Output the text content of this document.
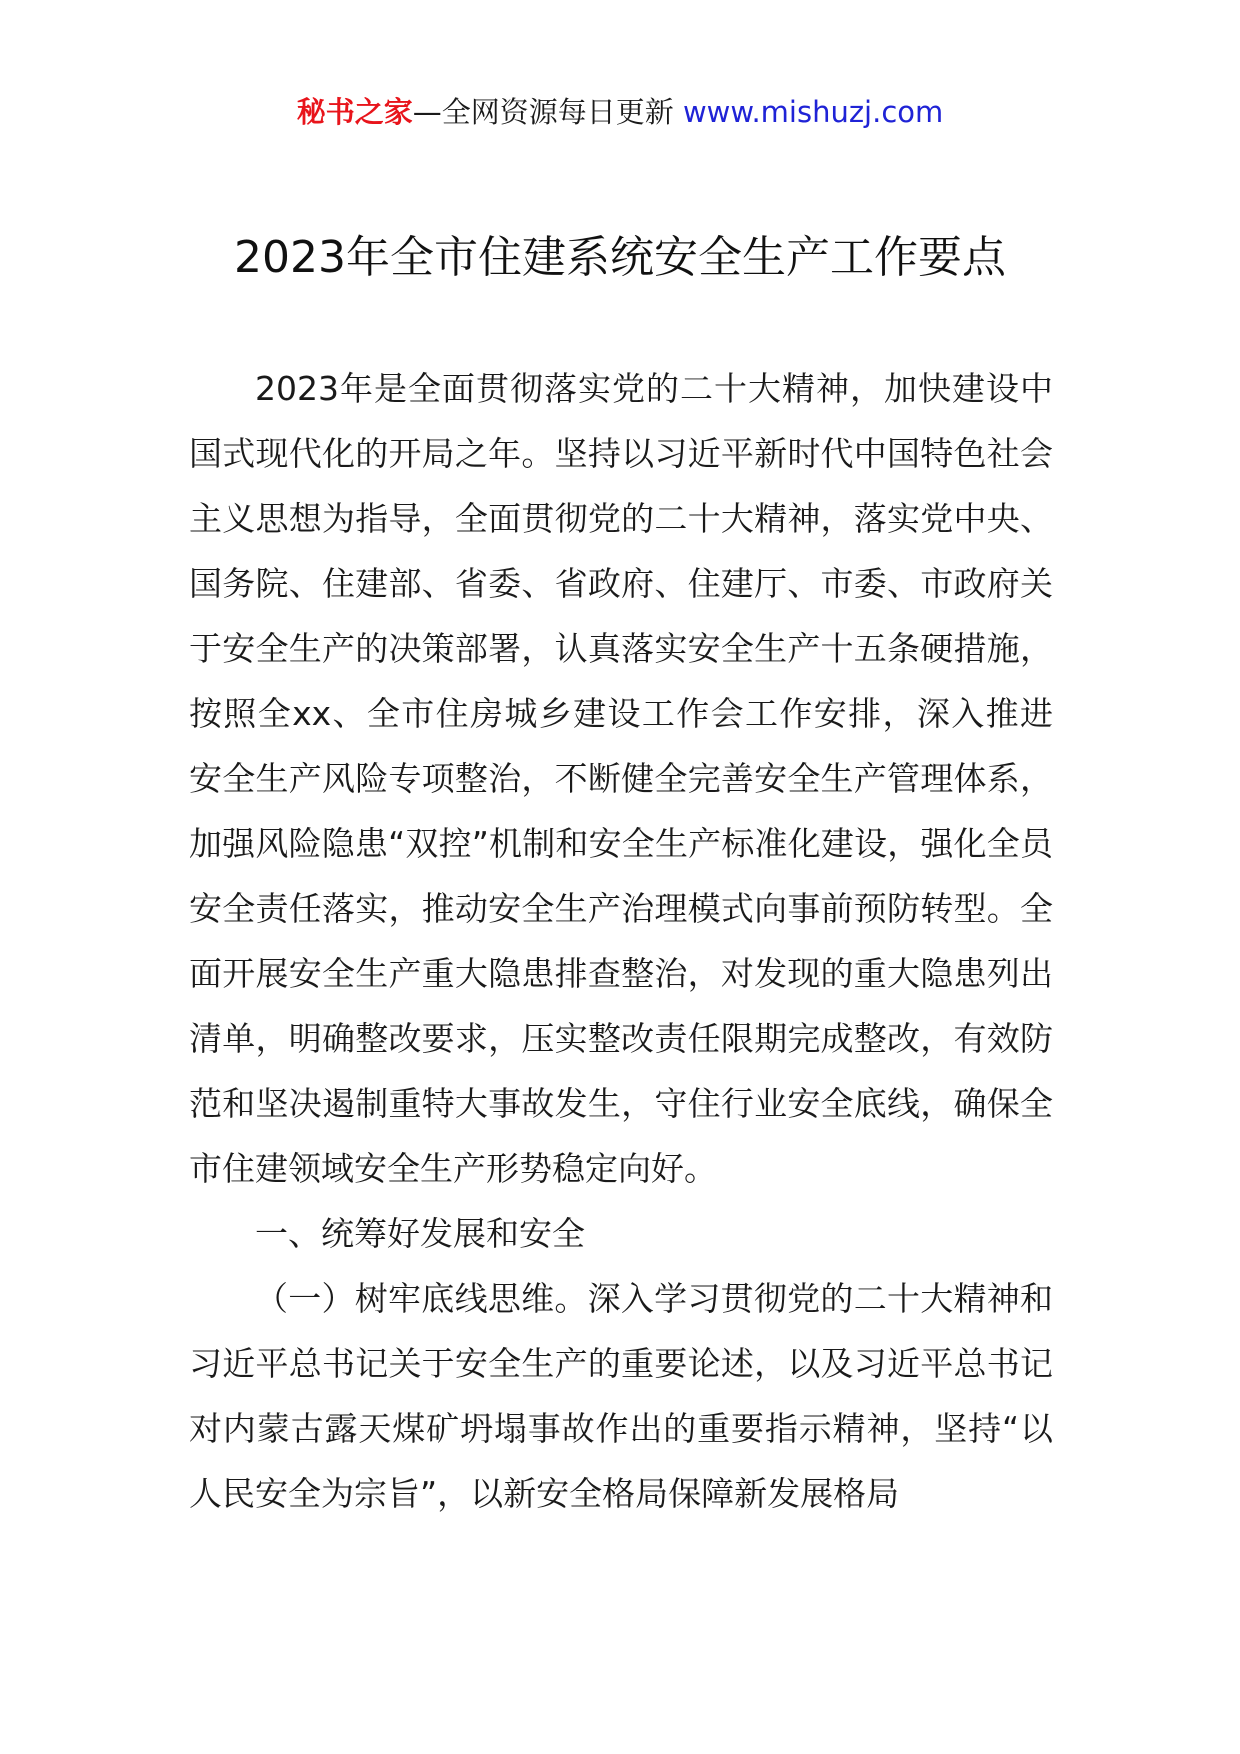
秘书之家—全网资源每日更新 www.mishuzj.com
2023年全市住建系统安全生产工作要点

2023年是全面贯彻落实党的二十大精神，加快建设中国式现代化的开局之年。坚持以习近平新时代中国特色社会主义思想为指导，全面贯彻党的二十大精神，落实党中央、国务院、住建部、省委、省政府、住建厅、市委、市政府关于安全生产的决策部署，认真落实安全生产十五条硬措施，按照全xx、全市住房城乡建设工作会工作安排，深入推进安全生产风险专项整治，不断健全完善安全生产管理体系，加强风险隐患“双控”机制和安全生产标准化建设，强化全员安全责任落实，推动安全生产治理模式向事前预防转型。全面开展安全生产重大隐患排查整治，对发现的重大隐患列出清单，明确整改要求，压实整改责任限期完成整改，有效防范和坚决遏制重特大事故发生，守住行业安全底线，确保全市住建领域安全生产形势稳定向好。

一、统筹好发展和安全

（一）树牢底线思维。深入学习贯彻党的二十大精神和习近平总书记关于安全生产的重要论述，以及习近平总书记对内蒙古露天煤矿坍塌事故作出的重要指示精神，坚持“以人民安全为宗旨”，以新安全格局保障新发展格局
